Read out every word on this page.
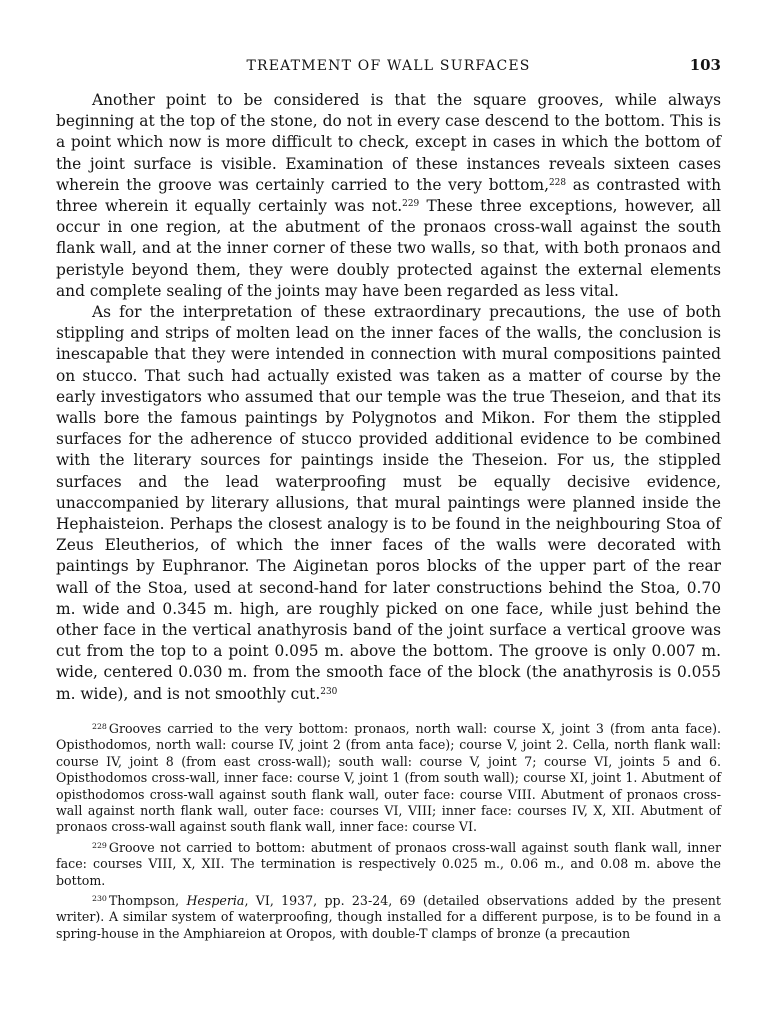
TREATMENT OF WALL SURFACES	103

Another point to be considered is that the square grooves, while always beginning at the top of the stone, do not in every case descend to the bottom. This is a point which now is more difficult to check, except in cases in which the bottom of the joint surface is visible. Examination of these instances reveals sixteen cases wherein the groove was certainly carried to the very bottom,$^{228}$ as contrasted with three wherein it equally certainly was not.$^{229}$ These three exceptions, however, all occur in one region, at the abutment of the pronaos cross-wall against the south flank wall, and at the inner corner of these two walls, so that, with both pronaos and peristyle beyond them, they were doubly protected against the external elements and complete sealing of the joints may have been regarded as less vital.

As for the interpretation of these extraordinary precautions, the use of both stippling and strips of molten lead on the inner faces of the walls, the conclusion is inescapable that they were intended in connection with mural compositions painted on stucco. That such had actually existed was taken as a matter of course by the early investigators who assumed that our temple was the true Theseion, and that its walls bore the famous paintings by Polygnotos and Mikon. For them the stippled surfaces for the adherence of stucco provided additional evidence to be combined with the literary sources for paintings inside the Theseion. For us, the stippled surfaces and the lead waterproofing must be equally decisive evidence, unaccompanied by literary allusions, that mural paintings were planned inside the Hephaisteion. Perhaps the closest analogy is to be found in the neighbouring Stoa of Zeus Eleutherios, of which the inner faces of the walls were decorated with paintings by Euphranor. The Aiginetan poros blocks of the upper part of the rear wall of the Stoa, used at second-hand for later constructions behind the Stoa, 0.70 m. wide and 0.345 m. high, are roughly picked on one face, while just behind the other face in the vertical anathyrosis band of the joint surface a vertical groove was cut from the top to a point 0.095 m. above the bottom. The groove is only 0.007 m. wide, centered 0.030 m. from the smooth face of the block (the anathyrosis is 0.055 m. wide), and is not smoothly cut.$^{230}$

$^{228}$ Grooves carried to the very bottom: pronaos, north wall: course X, joint 3 (from anta face). Opisthodomos, north wall: course IV, joint 2 (from anta face); course V, joint 2. Cella, north flank wall: course IV, joint 8 (from east cross-wall); south wall: course V, joint 7; course VI, joints 5 and 6. Opisthodomos cross-wall, inner face: course V, joint 1 (from south wall); course XI, joint 1. Abutment of opisthodomos cross-wall against south flank wall, outer face: course VIII. Abutment of pronaos cross-wall against north flank wall, outer face: courses VI, VIII; inner face: courses IV, X, XII. Abutment of pronaos cross-wall against south flank wall, inner face: course VI.

$^{229}$ Groove not carried to bottom: abutment of pronaos cross-wall against south flank wall, inner face: courses VIII, X, XII. The termination is respectively 0.025 m., 0.06 m., and 0.08 m. above the bottom.

$^{230}$ Thompson, Hesperia, VI, 1937, pp. 23-24, 69 (detailed observations added by the present writer). A similar system of waterproofing, though installed for a different purpose, is to be found in a spring-house in the Amphiareion at Oropos, with double-T clamps of bronze (a precaution
